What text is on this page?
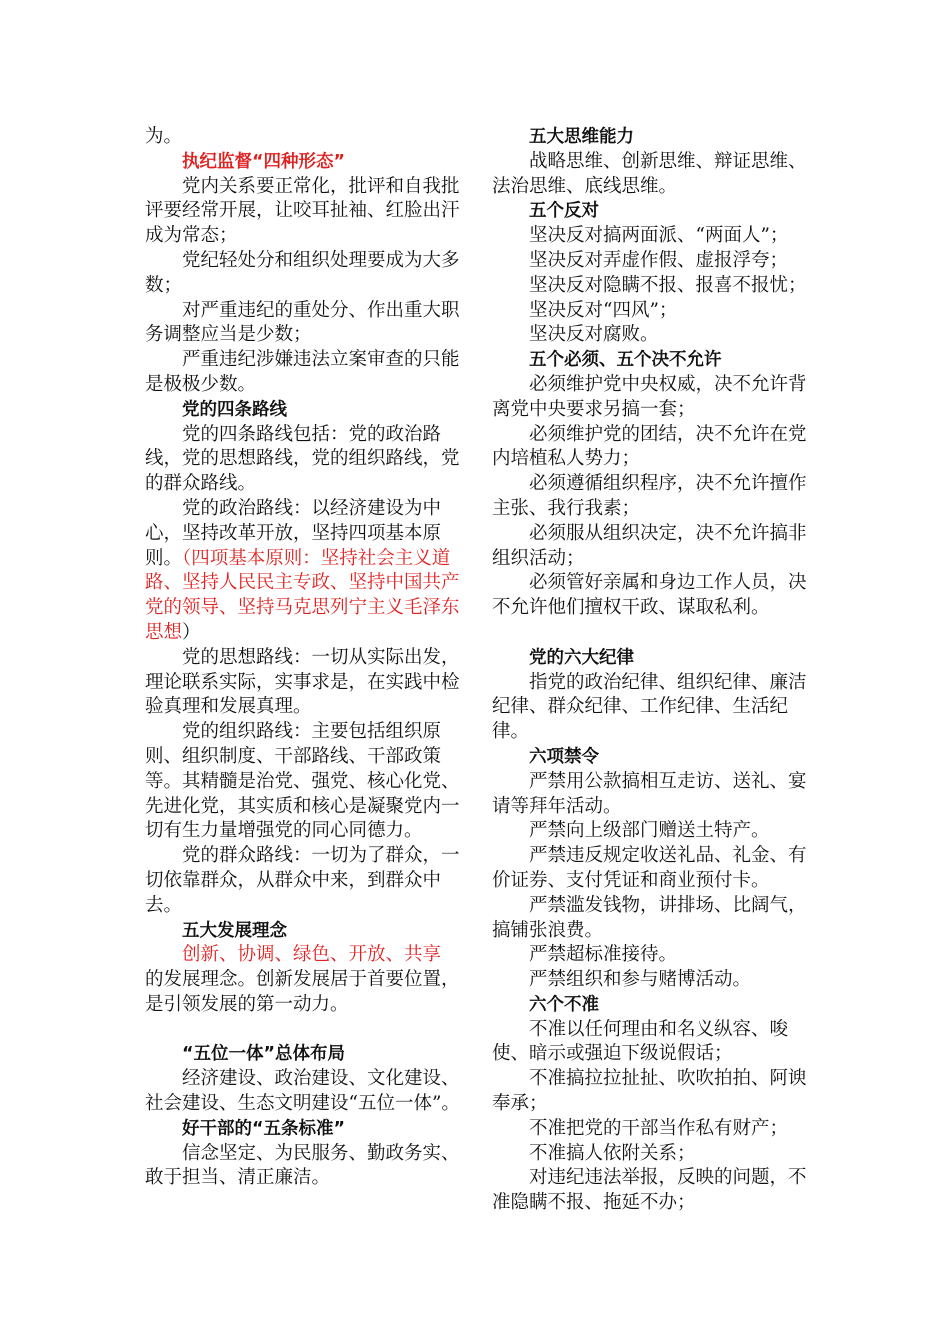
为。

执纪监督“四种形态”

党内关系要正常化，批评和自我批评要经常开展，让咬耳扯袖、红脸出汗成为常态；

党纪轻处分和组织处理要成为大多数；

对严重违纪的重处分、作出重大职务调整应当是少数；

严重违纪涉嫌违法立案审查的只能是极极少数。

党的四条路线

党的四条路线包括：党的政治路线，党的思想路线，党的组织路线，党的群众路线。

党的政治路线：以经济建设为中心，坚持改革开放，坚持四项基本原则。（四项基本原则：坚持社会主义道路、坚持人民民主专政、坚持中国共产党的领导、坚持马克思列宁主义毛泽东思想）

党的思想路线：一切从实际出发，理论联系实际，实事求是，在实践中检验真理和发展真理。

党的组织路线：主要包括组织原则、组织制度、干部路线、干部政策等。其精髓是治党、强党、核心化党、先进化党，其实质和核心是凝聚党内一切有生力量增强党的同心同德力。

党的群众路线：一切为了群众，一切依靠群众，从群众中来，到群众中去。

五大发展理念

创新、协调、绿色、开放、共享

的发展理念。创新发展居于首要位置，是引领发展的第一动力。

“五位一体”总体布局

经济建设、政治建设、文化建设、社会建设、生态文明建设“五位一体”。

好干部的“五条标准”

信念坚定、为民服务、勤政务实、敢于担当、清正廉洁。

五大思维能力

战略思维、创新思维、辩证思维、法治思维、底线思维。

五个反对

坚决反对搞两面派、“两面人”；

坚决反对弄虚作假、虚报浮夸；

坚决反对隐瞒不报、报喜不报忧；

坚决反对“四风”；

坚决反对腐败。

五个必须、五个决不允许

必须维护党中央权威，决不允许背离党中央要求另搞一套；

必须维护党的团结，决不允许在党内培植私人势力；

必须遵循组织程序，决不允许擅作主张、我行我素；

必须服从组织决定，决不允许搞非组织活动；

必须管好亲属和身边工作人员，决不允许他们擅权干政、谋取私利。

党的六大纪律

指党的政治纪律、组织纪律、廉洁纪律、群众纪律、工作纪律、生活纪律。

六项禁令

严禁用公款搞相互走访、送礼、宴请等拜年活动。

严禁向上级部门赠送土特产。

严禁违反规定收送礼品、礼金、有价证券、支付凭证和商业预付卡。

严禁滥发钱物，讲排场、比阔气，搞铺张浪费。

严禁超标准接待。

严禁组织和参与赌博活动。

六个不准

不准以任何理由和名义纵容、唆使、暗示或强迫下级说假话；

不准搞拉拉扯扯、吹吹拍拍、阿谀奉承；

不准把党的干部当作私有财产；

不准搞人依附关系；

对违纪违法举报，反映的问题，不准隐瞒不报、拖延不办；
